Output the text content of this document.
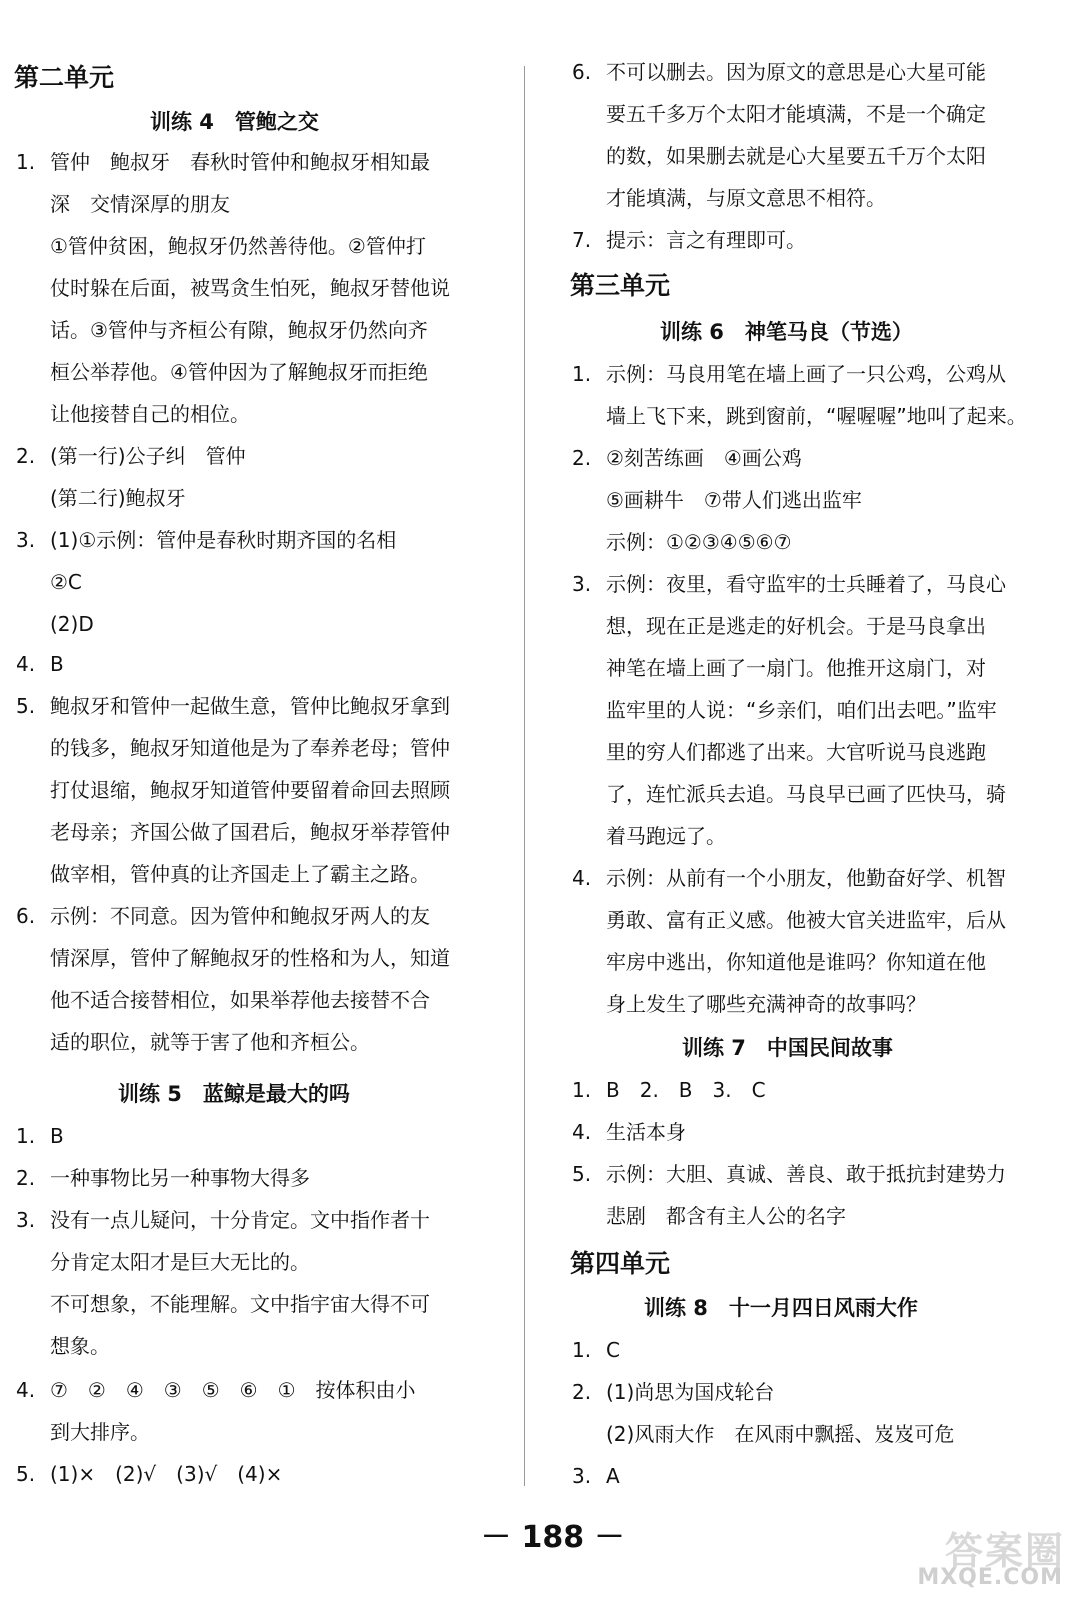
第二单元
训练 4　管鲍之交
1. 管仲　鲍叔牙　春秋时管仲和鲍叔牙相知最
深　交情深厚的朋友
①管仲贫困，鲍叔牙仍然善待他。②管仲打
仗时躲在后面，被骂贪生怕死，鲍叔牙替他说
话。③管仲与齐桓公有隙，鲍叔牙仍然向齐
桓公举荐他。④管仲因为了解鲍叔牙而拒绝
让他接替自己的相位。
2. (第一行)公子纠　管仲
(第二行)鲍叔牙
3. (1)①示例：管仲是春秋时期齐国的名相
②C
(2)D
4. B
5. 鲍叔牙和管仲一起做生意，管仲比鲍叔牙拿到
的钱多，鲍叔牙知道他是为了奉养老母；管仲
打仗退缩，鲍叔牙知道管仲要留着命回去照顾
老母亲；齐国公做了国君后，鲍叔牙举荐管仲
做宰相，管仲真的让齐国走上了霸主之路。
6. 示例：不同意。因为管仲和鲍叔牙两人的友
情深厚，管仲了解鲍叔牙的性格和为人，知道
他不适合接替相位，如果举荐他去接替不合
适的职位，就等于害了他和齐桓公。
训练 5　蓝鲸是最大的吗
1. B
2. 一种事物比另一种事物大得多
3. 没有一点儿疑问，十分肯定。文中指作者十
分肯定太阳才是巨大无比的。
不可想象，不能理解。文中指宇宙大得不可
想象。
4. ⑦　②　④　③　⑤　⑥　①　按体积由小
到大排序。
5. (1)×　(2)√　(3)√　(4)×
6. 不可以删去。因为原文的意思是心大星可能
要五千多万个太阳才能填满，不是一个确定
的数，如果删去就是心大星要五千万个太阳
才能填满，与原文意思不相符。
7. 提示：言之有理即可。
第三单元
训练 6　神笔马良（节选）
1. 示例：马良用笔在墙上画了一只公鸡，公鸡从
墙上飞下来，跳到窗前，“喔喔喔”地叫了起来。
2. ②刻苦练画　④画公鸡
⑤画耕牛　⑦带人们逃出监牢
示例：①②③④⑤⑥⑦
3. 示例：夜里，看守监牢的士兵睡着了，马良心
想，现在正是逃走的好机会。于是马良拿出
神笔在墙上画了一扇门。他推开这扇门，对
监牢里的人说：“乡亲们，咱们出去吧。”监牢
里的穷人们都逃了出来。大官听说马良逃跑
了，连忙派兵去追。马良早已画了匹快马，骑
着马跑远了。
4. 示例：从前有一个小朋友，他勤奋好学、机智
勇敢、富有正义感。他被大官关进监牢，后从
牢房中逃出，你知道他是谁吗？你知道在他
身上发生了哪些充满神奇的故事吗？
训练 7　中国民间故事
1. B　2.　B　3.　C
4. 生活本身
5. 示例：大胆、真诚、善良、敢于抵抗封建势力
悲剧　都含有主人公的名字
第四单元
训练 8　十一月四日风雨大作
1. C
2. (1)尚思为国戍轮台
(2)风雨大作　在风雨中飘摇、岌岌可危
3. A
－ 188 －	答案圈
MXQE.COM
